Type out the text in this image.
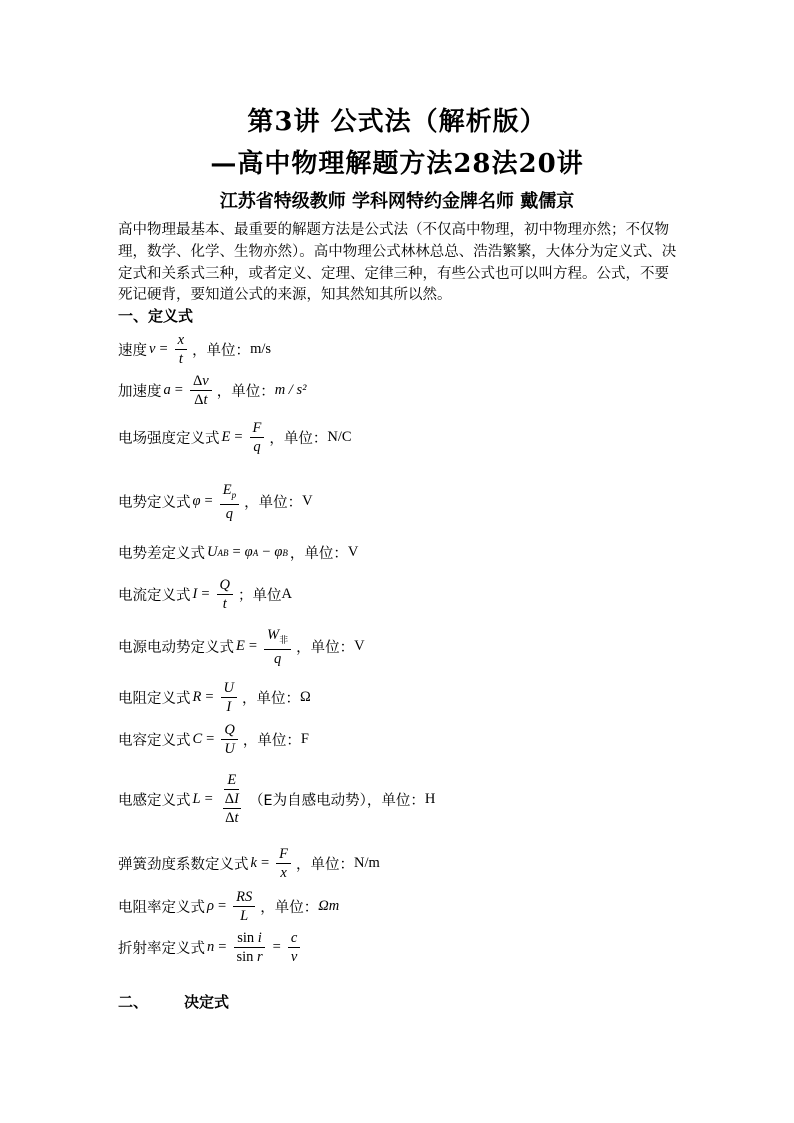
第3讲 公式法（解析版）
—高中物理解题方法28法20讲
江苏省特级教师 学科网特约金牌名师 戴儒京
高中物理最基本、最重要的解题方法是公式法（不仅高中物理，初中物理亦然；不仅物理，数学、化学、生物亦然）。高中物理公式林林总总、浩浩繁繁，大体分为定义式、决定式和关系式三种，或者定义、定理、定律三种，有些公式也可以叫方程。公式，不要死记硬背，要知道公式的来源，知其然知其所以然。
一、定义式
速度 $v = \frac{x}{t}$ ，单位： m/s
加速度 $a = \frac{\Delta v}{\Delta t}$ ，单位： m / s²
电场强度定义式 $E = \frac{F}{q}$ ，单位： N/C
电势定义式 $\varphi = \frac{E_p}{q}$ ，单位： V
电势差定义式 U AB = φ A − φ B ，单位： V
电流定义式 $I = \frac{Q}{t}$ ；单位 A
电源电动势定义式 $E = \frac{W_非}{q}$ ，单位： V
电阻定义式 $R = \frac{U}{I}$ ，单位： Ω
电容定义式 $C = \frac{Q}{U}$ ，单位： F
电感定义式 L = E
ΔI
Δt （E为自感电动势），单位： H
弹簧劲度系数定义式 $k = \frac{F}{x}$ ，单位： N/m
电阻率定义式 $\rho = \frac{RS}{L}$ ，单位： Ωm
折射率定义式 $n = \frac{\text{sin i}}{\text{sin r}} = \frac{c}{v}$
二、 决定式
